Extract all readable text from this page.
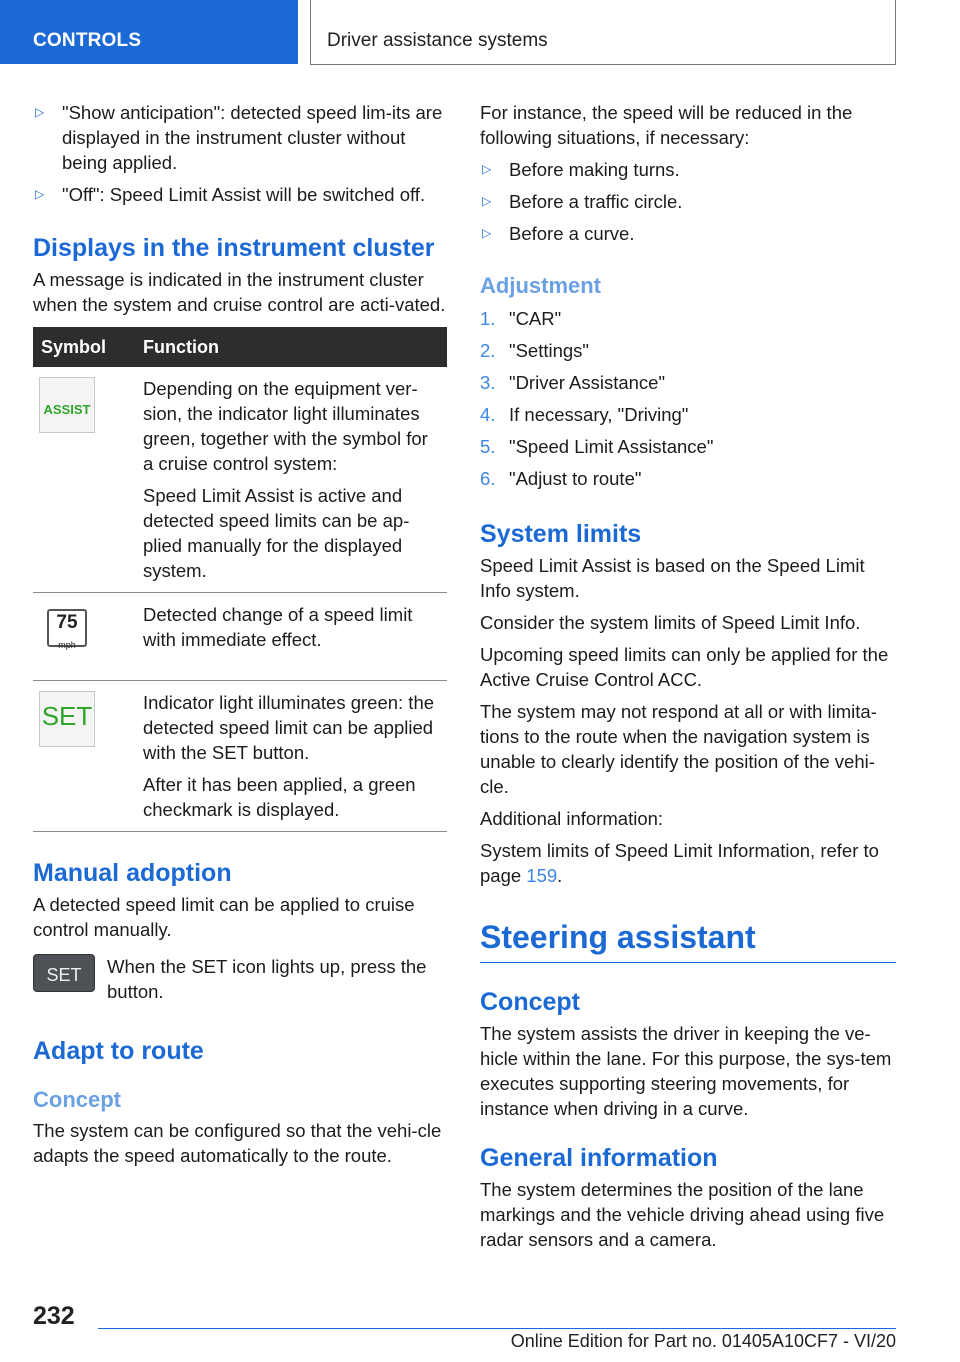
CONTROLS	Driver assistance systems
▷ "Show anticipation": detected speed lim-its are displayed in the instrument cluster without being applied.
▷ "Off": Speed Limit Assist will be switched off.
Displays in the instrument cluster

A message is indicated in the instrument cluster when the system and cruise control are acti-vated.

Symbol	Function

ASSIST	Depending on the equipment ver-sion, the indicator light illuminates green, together with the symbol for a cruise control system:

Speed Limit Assist is active and detected speed limits can be ap-plied manually for the displayed system.

75
mph	Detected change of a speed limit with immediate effect.

SET	Indicator light illuminates green: the detected speed limit can be applied with the SET button.

After it has been applied, a green checkmark is displayed.

Manual adoption

A detected speed limit can be applied to cruise control manually.

SET	When the SET icon lights up, press the button.
Adapt to route
Concept

The system can be configured so that the vehi-cle adapts the speed automatically to the route.

For instance, the speed will be reduced in the following situations, if necessary:

▷ Before making turns.
▷ Before a traffic circle.
▷ Before a curve.
Adjustment
1. "CAR"
2. "Settings"
3. "Driver Assistance"
4. If necessary, "Driving"
5. "Speed Limit Assistance"
6. "Adjust to route"
System limits

Speed Limit Assist is based on the Speed Limit Info system.

Consider the system limits of Speed Limit Info.

Upcoming speed limits can only be applied for the Active Cruise Control ACC.

The system may not respond at all or with limita-tions to the route when the navigation system is unable to clearly identify the position of the vehi-cle.

Additional information:

System limits of Speed Limit Information, refer to page 159.

Steering assistant
Concept

The system assists the driver in keeping the ve-hicle within the lane. For this purpose, the sys-tem executes supporting steering movements, for instance when driving in a curve.

General information

The system determines the position of the lane markings and the vehicle driving ahead using five radar sensors and a camera.

232
Online Edition for Part no. 01405A10CF7 - VI/20
